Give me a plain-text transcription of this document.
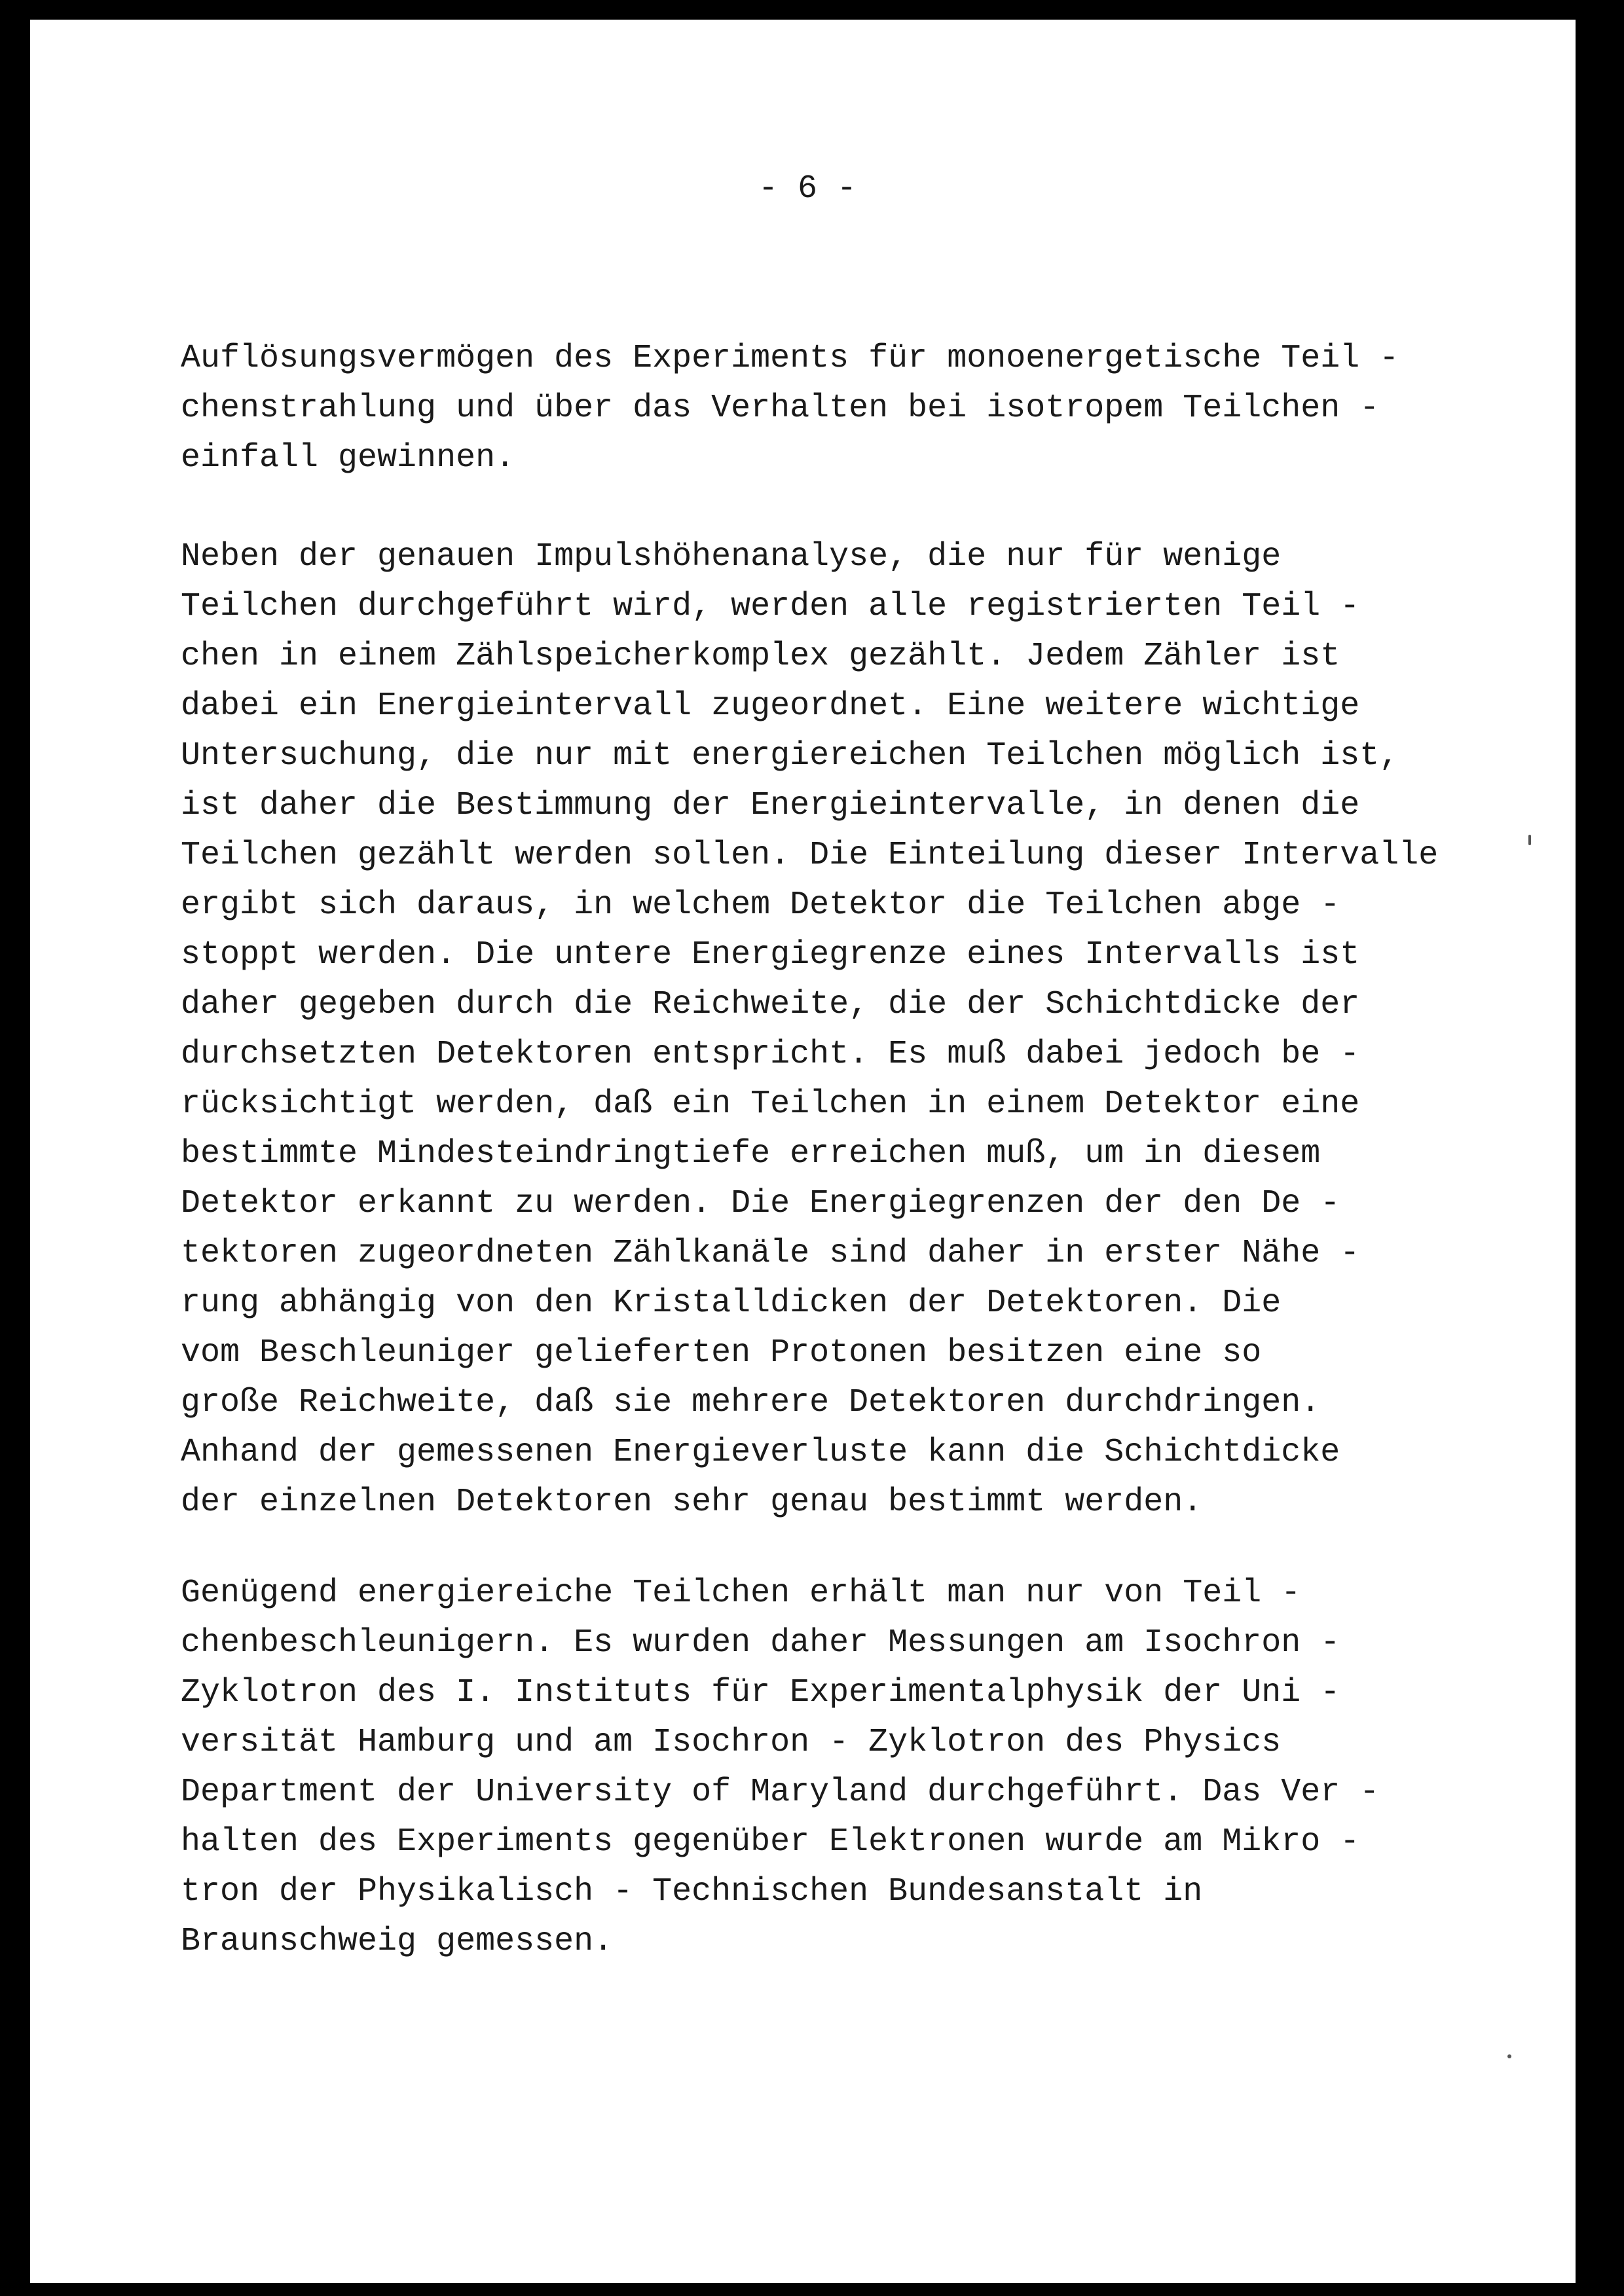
- 6 -
Auflösungsvermögen des Experiments für monoenergetische Teil -
chenstrahlung und über das Verhalten bei isotropem Teilchen -
einfall gewinnen.
Neben der genauen Impulshöhenanalyse, die nur für wenige
Teilchen durchgeführt wird, werden alle registrierten Teil -
chen in einem Zählspeicherkomplex gezählt. Jedem Zähler ist
dabei ein Energieintervall zugeordnet. Eine weitere wichtige
Untersuchung, die nur mit energiereichen Teilchen möglich ist,
ist daher die Bestimmung der Energieintervalle, in denen die
Teilchen gezählt werden sollen. Die Einteilung dieser Intervalle
ergibt sich daraus, in welchem Detektor die Teilchen abge -
stoppt werden. Die untere Energiegrenze eines Intervalls ist
daher gegeben durch die Reichweite, die der Schichtdicke der
durchsetzten Detektoren entspricht. Es muß dabei jedoch be -
rücksichtigt werden, daß ein Teilchen in einem Detektor eine
bestimmte Mindesteindringtiefe erreichen muß, um in diesem
Detektor erkannt zu werden. Die Energiegrenzen der den De -
tektoren zugeordneten Zählkanäle sind daher in erster Nähe -
rung abhängig von den Kristalldicken der Detektoren. Die
vom Beschleuniger gelieferten Protonen besitzen eine so
große Reichweite, daß sie mehrere Detektoren durchdringen.
Anhand der gemessenen Energieverluste kann die Schichtdicke
der einzelnen Detektoren sehr genau bestimmt werden.
Genügend energiereiche Teilchen erhält man nur von Teil -
chenbeschleunigern. Es wurden daher Messungen am Isochron -
Zyklotron des I. Instituts für Experimentalphysik der Uni -
versität Hamburg und am Isochron - Zyklotron des Physics
Department der University of Maryland durchgeführt. Das Ver -
halten des Experiments gegenüber Elektronen wurde am Mikro -
tron der Physikalisch - Technischen Bundesanstalt in
Braunschweig gemessen.
